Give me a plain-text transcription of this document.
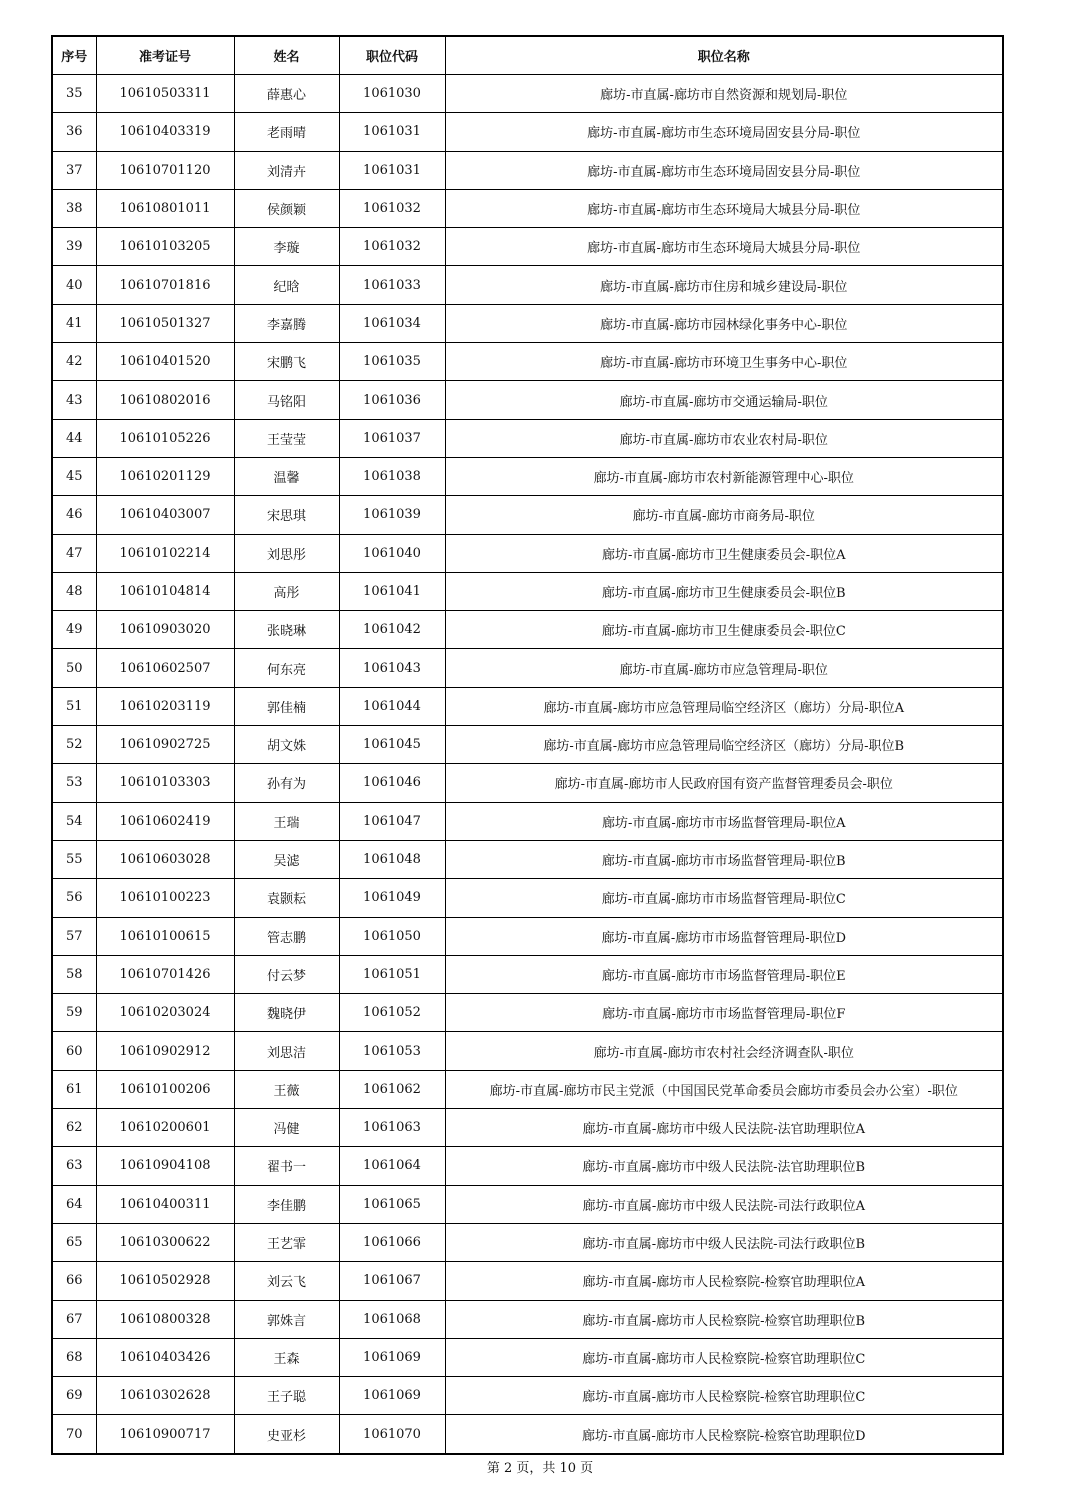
序号	准考证号	姓名	职位代码	职位名称
35	10610503311	薛惠心	1061030	廊坊-市直属-廊坊市自然资源和规划局-职位
36	10610403319	老雨晴	1061031	廊坊-市直属-廊坊市生态环境局固安县分局-职位
37	10610701120	刘清卉	1061031	廊坊-市直属-廊坊市生态环境局固安县分局-职位
38	10610801011	侯颜颖	1061032	廊坊-市直属-廊坊市生态环境局大城县分局-职位
39	10610103205	李璇	1061032	廊坊-市直属-廊坊市生态环境局大城县分局-职位
40	10610701816	纪晗	1061033	廊坊-市直属-廊坊市住房和城乡建设局-职位
41	10610501327	李嘉腾	1061034	廊坊-市直属-廊坊市园林绿化事务中心-职位
42	10610401520	宋鹏飞	1061035	廊坊-市直属-廊坊市环境卫生事务中心-职位
43	10610802016	马铭阳	1061036	廊坊-市直属-廊坊市交通运输局-职位
44	10610105226	王莹莹	1061037	廊坊-市直属-廊坊市农业农村局-职位
45	10610201129	温馨	1061038	廊坊-市直属-廊坊市农村新能源管理中心-职位
46	10610403007	宋思琪	1061039	廊坊-市直属-廊坊市商务局-职位
47	10610102214	刘思彤	1061040	廊坊-市直属-廊坊市卫生健康委员会-职位A
48	10610104814	高彤	1061041	廊坊-市直属-廊坊市卫生健康委员会-职位B
49	10610903020	张晓琳	1061042	廊坊-市直属-廊坊市卫生健康委员会-职位C
50	10610602507	何东亮	1061043	廊坊-市直属-廊坊市应急管理局-职位
51	10610203119	郭佳楠	1061044	廊坊-市直属-廊坊市应急管理局临空经济区（廊坊）分局-职位A
52	10610902725	胡文姝	1061045	廊坊-市直属-廊坊市应急管理局临空经济区（廊坊）分局-职位B
53	10610103303	孙有为	1061046	廊坊-市直属-廊坊市人民政府国有资产监督管理委员会-职位
54	10610602419	王瑞	1061047	廊坊-市直属-廊坊市市场监督管理局-职位A
55	10610603028	吴滤	1061048	廊坊-市直属-廊坊市市场监督管理局-职位B
56	10610100223	袁颢耘	1061049	廊坊-市直属-廊坊市市场监督管理局-职位C
57	10610100615	管志鹏	1061050	廊坊-市直属-廊坊市市场监督管理局-职位D
58	10610701426	付云梦	1061051	廊坊-市直属-廊坊市市场监督管理局-职位E
59	10610203024	魏晓伊	1061052	廊坊-市直属-廊坊市市场监督管理局-职位F
60	10610902912	刘思洁	1061053	廊坊-市直属-廊坊市农村社会经济调查队-职位
61	10610100206	王薇	1061062	廊坊-市直属-廊坊市民主党派（中国国民党革命委员会廊坊市委员会办公室）-职位
62	10610200601	冯健	1061063	廊坊-市直属-廊坊市中级人民法院-法官助理职位A
63	10610904108	翟书一	1061064	廊坊-市直属-廊坊市中级人民法院-法官助理职位B
64	10610400311	李佳鹏	1061065	廊坊-市直属-廊坊市中级人民法院-司法行政职位A
65	10610300622	王艺霏	1061066	廊坊-市直属-廊坊市中级人民法院-司法行政职位B
66	10610502928	刘云飞	1061067	廊坊-市直属-廊坊市人民检察院-检察官助理职位A
67	10610800328	郭姝言	1061068	廊坊-市直属-廊坊市人民检察院-检察官助理职位B
68	10610403426	王森	1061069	廊坊-市直属-廊坊市人民检察院-检察官助理职位C
69	10610302628	王子聪	1061069	廊坊-市直属-廊坊市人民检察院-检察官助理职位C
70	10610900717	史亚杉	1061070	廊坊-市直属-廊坊市人民检察院-检察官助理职位D
第 2 页，共 10 页
